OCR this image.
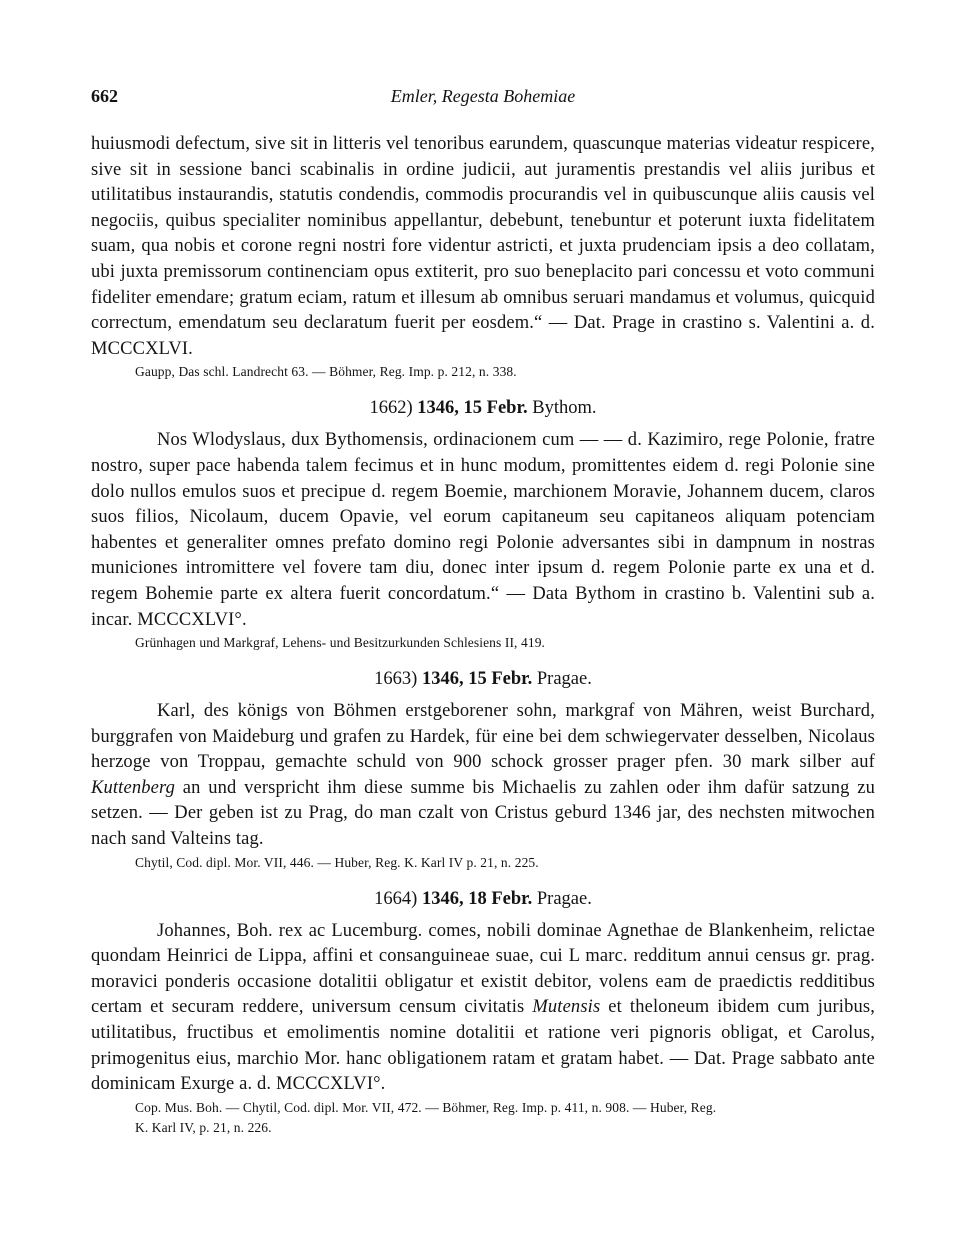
662	Emler, Regesta Bohemiae

huiusmodi defectum, sive sit in litteris vel tenoribus earundem, quascunque materias videatur respicere, sive sit in sessione banci scabinalis in ordine judicii, aut juramentis prestandis vel aliis juribus et utilitatibus instaurandis, statutis condendis, commodis procurandis vel in quibuscunque aliis causis vel negociis, quibus specialiter nominibus appellantur, debebunt, tenebuntur et poterunt iuxta fidelitatem suam, qua nobis et corone regni nostri fore videntur astricti, et juxta prudenciam ipsis a deo collatam, ubi juxta premissorum continenciam opus extiterit, pro suo beneplacito pari concessu et voto communi fideliter emendare; gratum eciam, ratum et illesum ab omnibus seruari mandamus et volumus, quicquid correctum, emendatum seu declaratum fuerit per eosdem.“ — Dat. Prage in crastino s. Valentini a. d. MCCCXLVI.

Gaupp, Das schl. Landrecht 63. — Böhmer, Reg. Imp. p. 212, n. 338.

1662) 1346, 15 Febr. Bythom.

Nos Wlodyslaus, dux Bythomensis, ordinacionem cum — — d. Kazimiro, rege Polonie, fratre nostro, super pace habenda talem fecimus et in hunc modum, promittentes eidem d. regi Polonie sine dolo nullos emulos suos et precipue d. regem Boemie, marchionem Moravie, Johannem ducem, claros suos filios, Nicolaum, ducem Opavie, vel eorum capitaneum seu capitaneos aliquam potenciam habentes et generaliter omnes prefato domino regi Polonie adversantes sibi in dampnum in nostras municiones intromittere vel fovere tam diu, donec inter ipsum d. regem Polonie parte ex una et d. regem Bohemie parte ex altera fuerit concordatum.“ — Data Bythom in crastino b. Valentini sub a. incar. MCCCXLVI°.

Grünhagen und Markgraf, Lehens- und Besitzurkunden Schlesiens II, 419.

1663) 1346, 15 Febr. Pragae.

Karl, des königs von Böhmen erstgeborener sohn, markgraf von Mähren, weist Burchard, burggrafen von Maideburg und grafen zu Hardek, für eine bei dem schwiegervater desselben, Nicolaus herzoge von Troppau, gemachte schuld von 900 schock grosser prager pfen. 30 mark silber auf Kuttenberg an und verspricht ihm diese summe bis Michaelis zu zahlen oder ihm dafür satzung zu setzen. — Der geben ist zu Prag, do man czalt von Cristus geburd 1346 jar, des nechsten mitwochen nach sand Valteins tag.

Chytil, Cod. dipl. Mor. VII, 446. — Huber, Reg. K. Karl IV p. 21, n. 225.

1664) 1346, 18 Febr. Pragae.

Johannes, Boh. rex ac Lucemburg. comes, nobili dominae Agnethae de Blankenheim, relictae quondam Heinrici de Lippa, affini et consanguineae suae, cui L marc. redditum annui census gr. prag. moravici ponderis occasione dotalitii obligatur et existit debitor, volens eam de praedictis redditibus certam et securam reddere, universum censum civitatis Mutensis et theloneum ibidem cum juribus, utilitatibus, fructibus et emolimentis nomine dotalitii et ratione veri pignoris obligat, et Carolus, primogenitus eius, marchio Mor. hanc obligationem ratam et gratam habet. — Dat. Prage sabbato ante dominicam Exurge a. d. MCCCXLVI°.

Cop. Mus. Boh. — Chytil, Cod. dipl. Mor. VII, 472. — Böhmer, Reg. Imp. p. 411, n. 908. — Huber, Reg.

K. Karl IV, p. 21, n. 226.
